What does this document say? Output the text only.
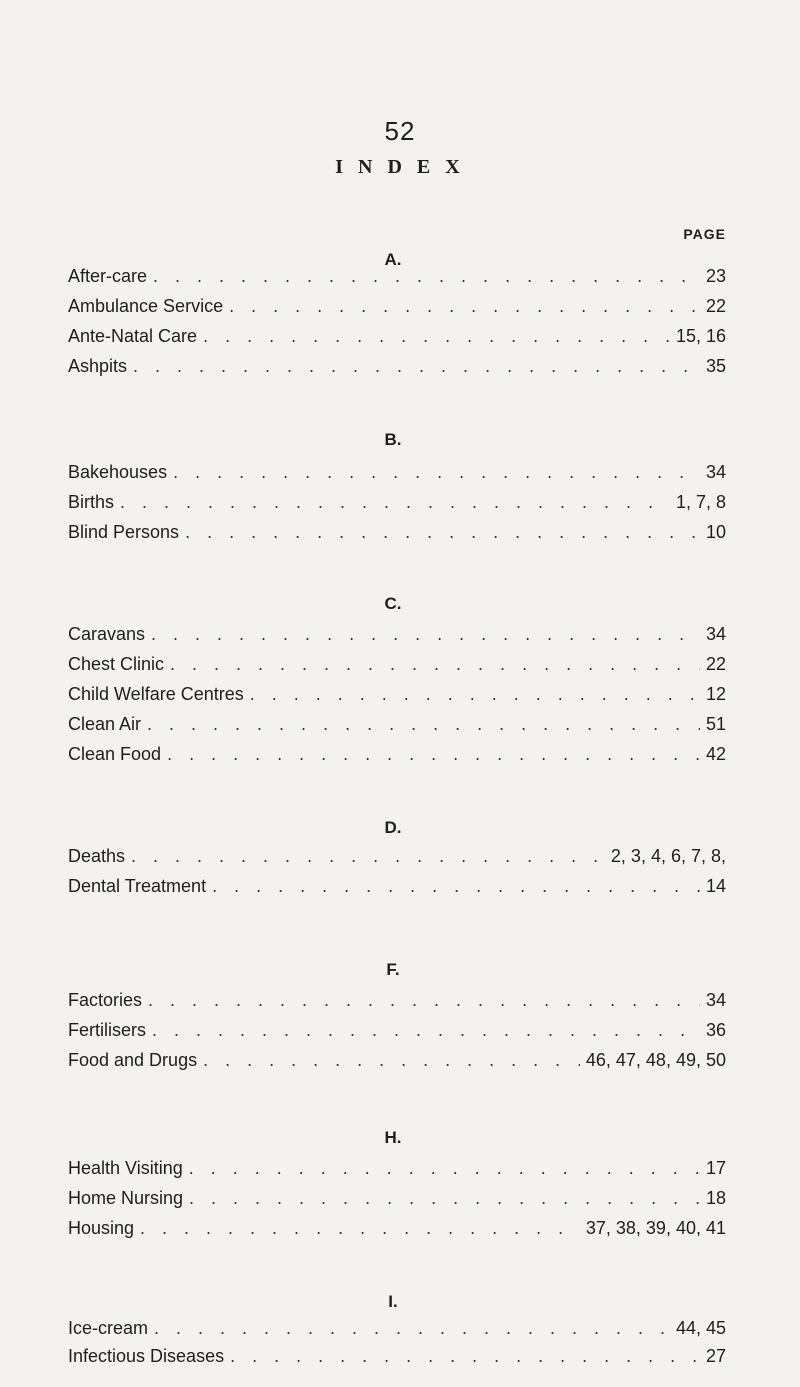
52
I N D E X
PAGE
A.
After-care . . .	23
Ambulance Service . . .	22
Ante-Natal Care . . .	15, 16
Ashpits . . .	35
B.
Bakehouses . . .	34
Births . . .	1, 7, 8
Blind Persons . . .	10
C.
Caravans . . .	34
Chest Clinic . . .	22
Child Welfare Centres . . .	12
Clean Air . . .	51
Clean Food . . .	42
D.
Deaths . . .	2, 3, 4, 6, 7, 8,
Dental Treatment . . .	14
F.
Factories . . .	34
Fertilisers . . .	36
Food and Drugs . . .	46, 47, 48, 49, 50
H.
Health Visiting . . .	17
Home Nursing . . .	18
Housing . . .	37, 38, 39, 40, 41
I.
Ice-cream . . .	44, 45
Infectious Diseases . . .	27
